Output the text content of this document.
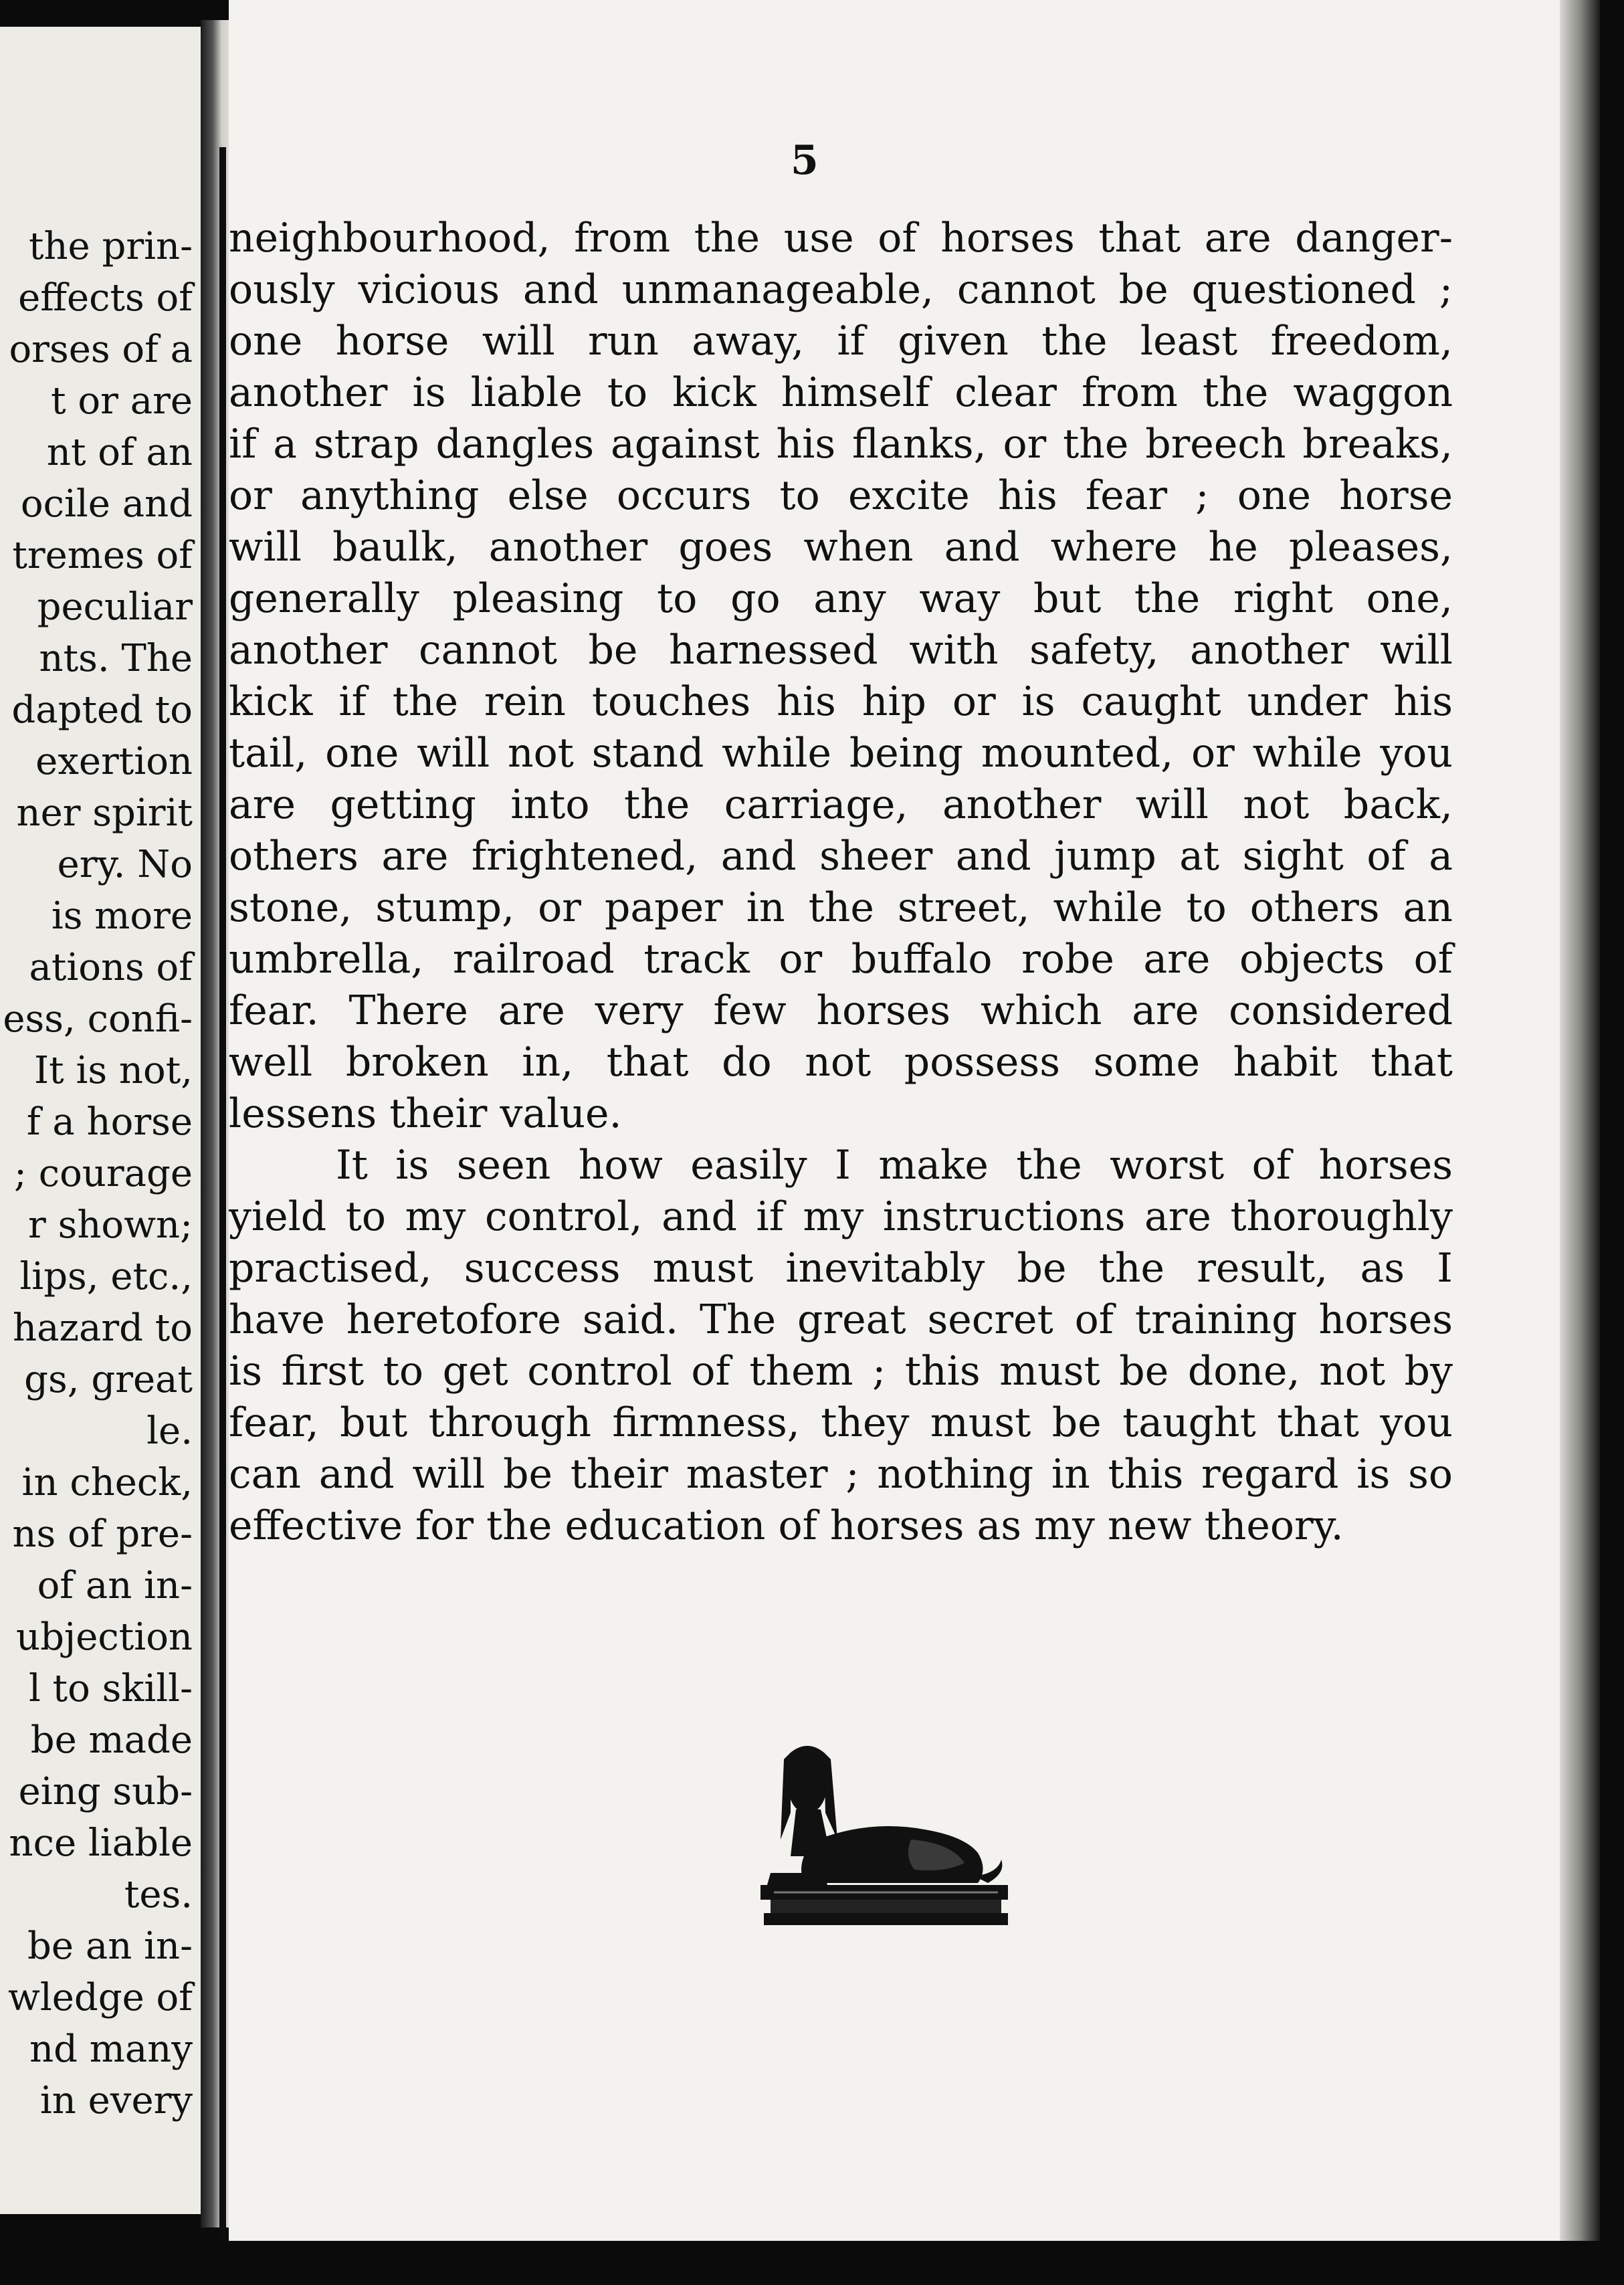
the prin-
effects of
orses of a
t or are
nt of an
ocile and
tremes of
peculiar
nts. The
dapted to
exertion
ner spirit
ery. No
is more
ations of
ess, confi-
It is not,
f a horse
; courage
r shown;
lips, etc.,
hazard to
gs, great
le.
in check,
ns of pre-
of an in-
ubjection
l to skill-
be made
eing sub-
nce liable
tes.
be an in-
wledge of
nd many
in every
5
neighbourhood, from the use of horses that are danger-
ously vicious and unmanageable, cannot be questioned ;
one horse will run away, if given the least freedom,
another is liable to kick himself clear from the waggon
if a strap dangles against his flanks, or the breech breaks,
or anything else occurs to excite his fear ; one horse
will baulk, another goes when and where he pleases,
generally pleasing to go any way but the right one,
another cannot be harnessed with safety, another will
kick if the rein touches his hip or is caught under his
tail, one will not stand while being mounted, or while you
are getting into the carriage, another will not back,
others are frightened, and sheer and jump at sight of a
stone, stump, or paper in the street, while to others an
umbrella, railroad track or buffalo robe are objects of
fear. There are very few horses which are considered
well broken in, that do not possess some habit that
lessens their value.
It is seen how easily I make the worst of horses
yield to my control, and if my instructions are thoroughly
practised, success must inevitably be the result, as I
have heretofore said. The great secret of training horses
is first to get control of them ; this must be done, not by
fear, but through firmness, they must be taught that you
can and will be their master ; nothing in this regard is so
effective for the education of horses as my new theory.
